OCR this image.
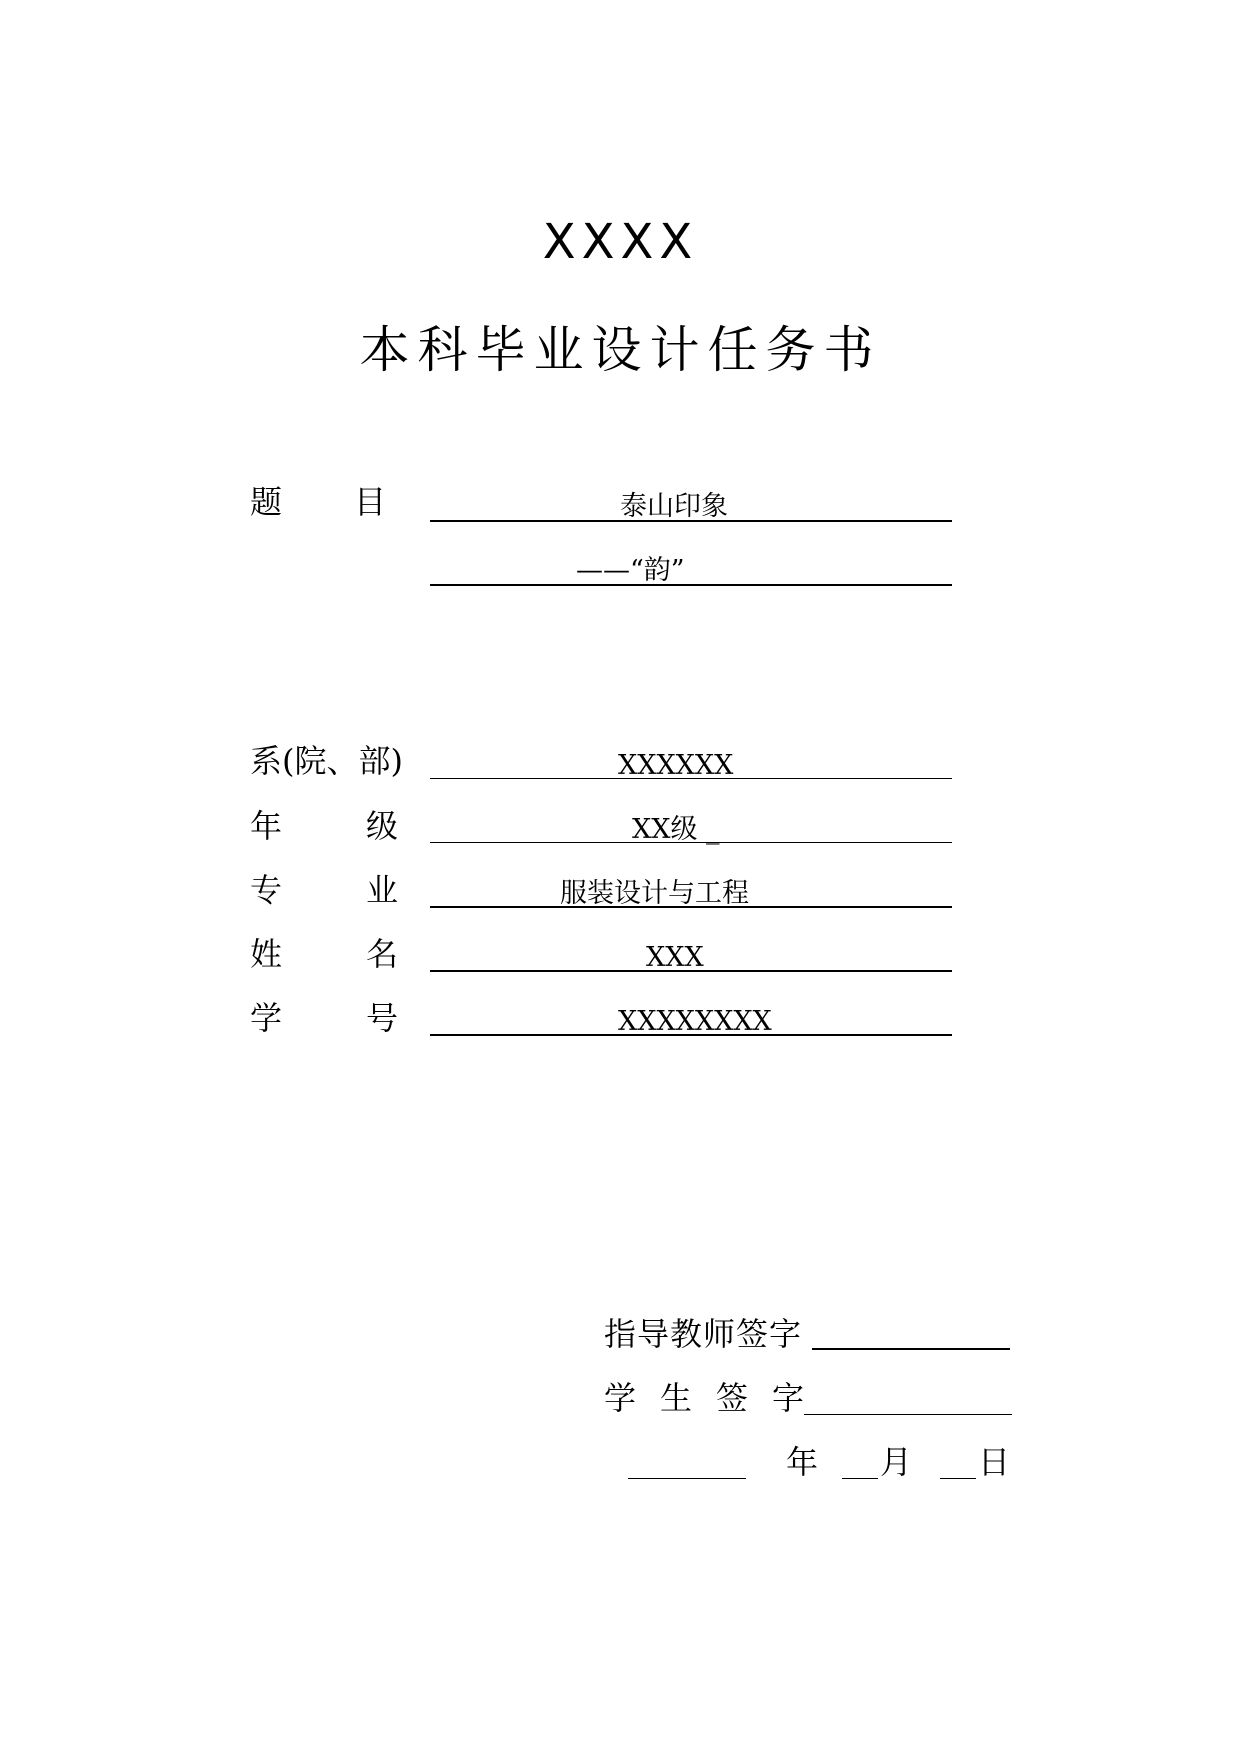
XXXX
本科毕业设计任务书
题 目	泰山印象
——“韵”
系(院、部)	XXXXXX
年	级	XX级 _
专	业	服装设计与工程
姓	名	XXX
学	号	XXXXXXXX
指导教师签字
学 生 签 字
年 月 日
